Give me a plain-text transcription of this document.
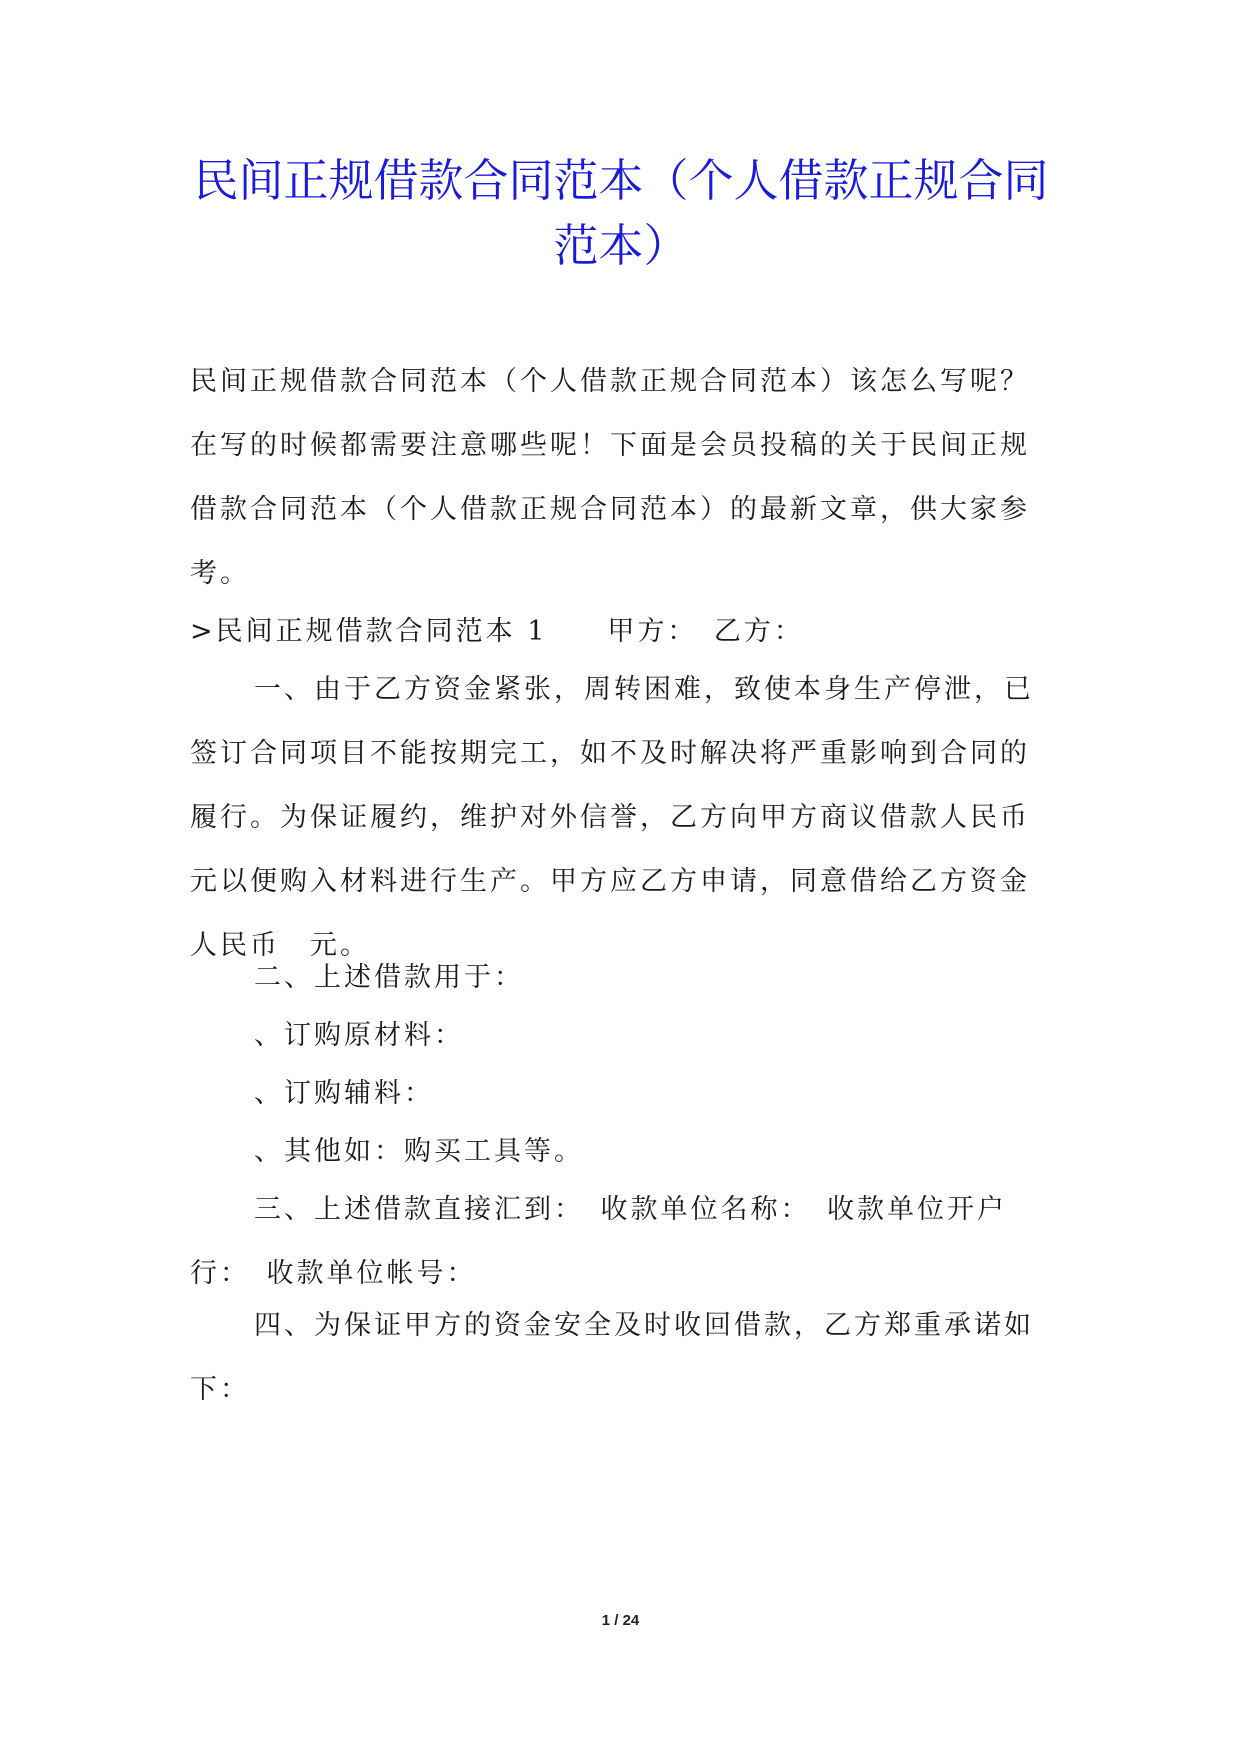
民间正规借款合同范本（个人借款正规合同范本）

民间正规借款合同范本（个人借款正规合同范本）该怎么写呢？在写的时候都需要注意哪些呢！下面是会员投稿的关于民间正规借款合同范本（个人借款正规合同范本）的最新文章，供大家参考。

>民间正规借款合同范本 1　　甲方：　乙方：

一、由于乙方资金紧张，周转困难，致使本身生产停泄，已签订合同项目不能按期完工，如不及时解决将严重影响到合同的履行。为保证履约，维护对外信誉，乙方向甲方商议借款人民币　元以便购入材料进行生产。甲方应乙方申请，同意借给乙方资金人民币　元。

二、上述借款用于：

、订购原材料：

、订购辅料：

、其他如：购买工具等。

三、上述借款直接汇到：　收款单位名称：　收款单位开户行：　收款单位帐号：

四、为保证甲方的资金安全及时收回借款，乙方郑重承诺如下：

1 / 24
